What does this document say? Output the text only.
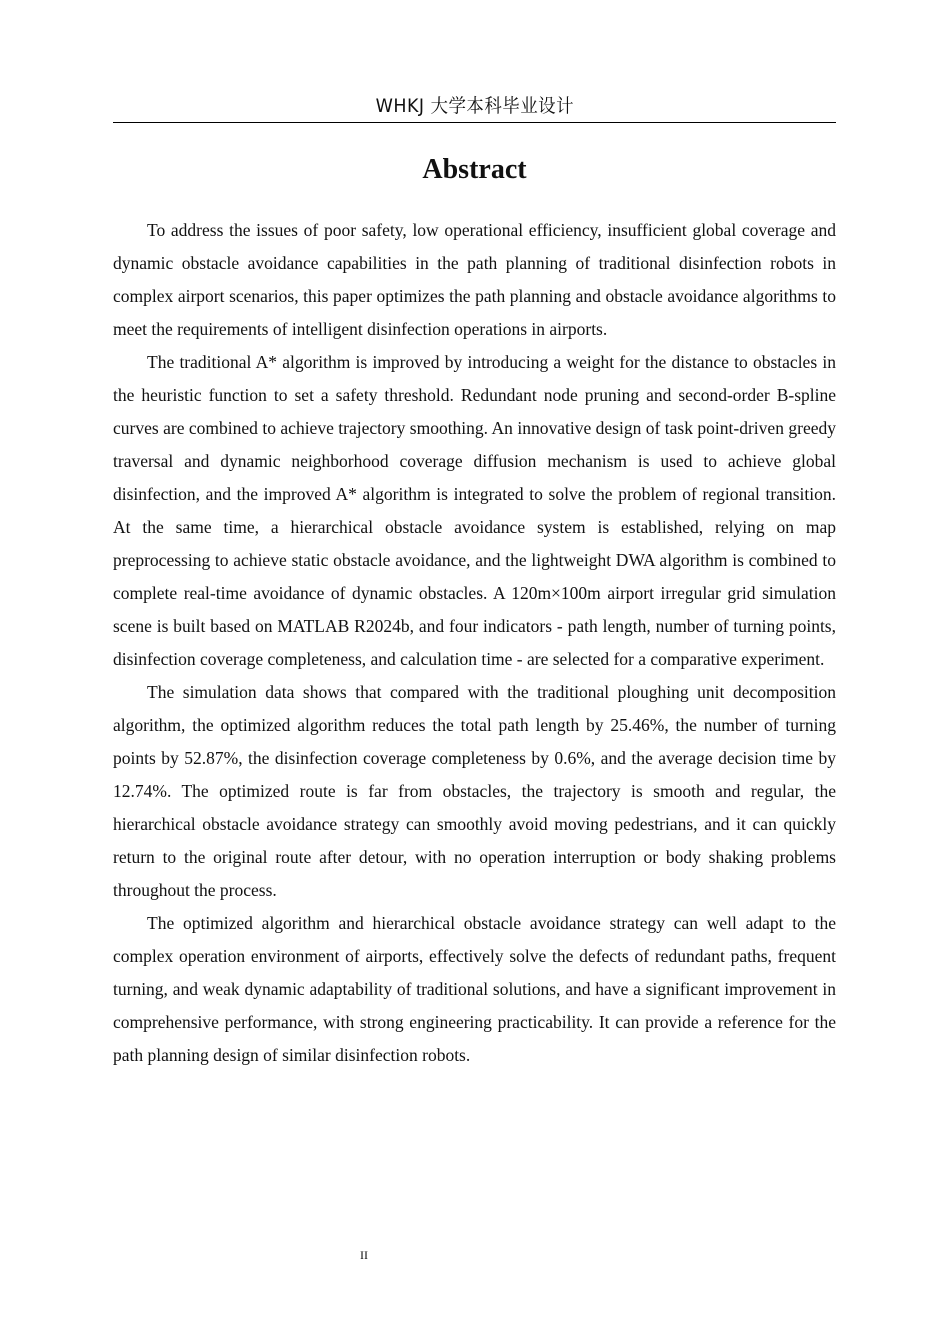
WHKJ 大学本科毕业设计
Abstract

To address the issues of poor safety, low operational efficiency, insufficient global coverage and dynamic obstacle avoidance capabilities in the path planning of traditional disinfection robots in complex airport scenarios, this paper optimizes the path planning and obstacle avoidance algorithms to meet the requirements of intelligent disinfection operations in airports.

The traditional A* algorithm is improved by introducing a weight for the distance to obstacles in the heuristic function to set a safety threshold. Redundant node pruning and second-order B-spline curves are combined to achieve trajectory smoothing. An innovative design of task point-driven greedy traversal and dynamic neighborhood coverage diffusion mechanism is used to achieve global disinfection, and the improved A* algorithm is integrated to solve the problem of regional transition. At the same time, a hierarchical obstacle avoidance system is established, relying on map preprocessing to achieve static obstacle avoidance, and the lightweight DWA algorithm is combined to complete real-time avoidance of dynamic obstacles. A 120m×100m airport irregular grid simulation scene is built based on MATLAB R2024b, and four indicators - path length, number of turning points, disinfection coverage completeness, and calculation time - are selected for a comparative experiment.

The simulation data shows that compared with the traditional ploughing unit decomposition algorithm, the optimized algorithm reduces the total path length by 25.46%, the number of turning points by 52.87%, the disinfection coverage completeness by 0.6%, and the average decision time by 12.74%. The optimized route is far from obstacles, the trajectory is smooth and regular, the hierarchical obstacle avoidance strategy can smoothly avoid moving pedestrians, and it can quickly return to the original route after detour, with no operation interruption or body shaking problems throughout the process.

The optimized algorithm and hierarchical obstacle avoidance strategy can well adapt to the complex operation environment of airports, effectively solve the defects of redundant paths, frequent turning, and weak dynamic adaptability of traditional solutions, and have a significant improvement in comprehensive performance, with strong engineering practicability. It can provide a reference for the path planning design of similar disinfection robots.

II
